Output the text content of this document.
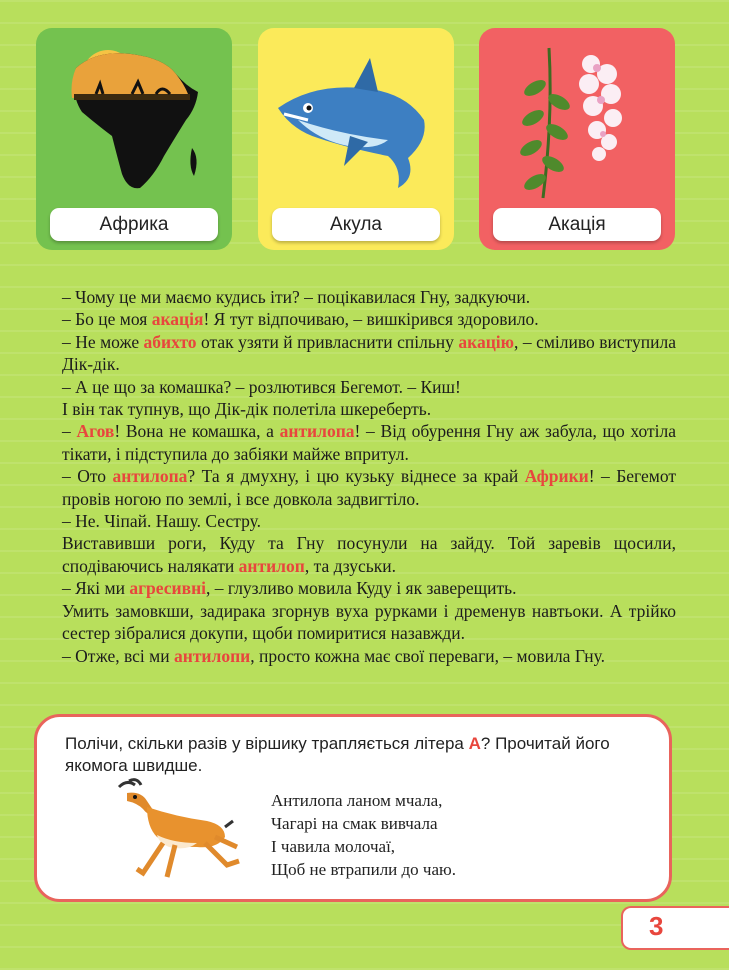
Африка	Акула	Акація

– Чому це ми маємо кудись іти? – поцікавилася Гну, задкуючи.

– Бо це моя акація! Я тут відпочиваю, – вишкірився здоровило.

– Не може абихто отак узяти й привласнити спільну акацію, – сміливо виступила Дік-дік.

– А це що за комашка? – розлютився Бегемот. – Киш!

І він так тупнув, що Дік-дік полетіла шкереберть.

– Агов! Вона не комашка, а антилопа! – Від обурення Гну аж забула, що хотіла тікати, і підступила до забіяки майже впритул.

– Ото антилопа? Та я дмухну, і цю кузьку віднесе за край Африки! – Бегемот провів ногою по землі, і все довкола задвигтіло.

– Не. Чіпай. Нашу. Сестру.

Виставивши роги, Куду та Гну посунули на зайду. Той заревів щосили, сподіваючись налякати антилоп, та дзуськи.

– Які ми агресивні, – глузливо мовила Куду і як заверещить.

Умить замовкши, задирака згорнув вуха рурками і дременув навтьоки. А трійко сестер зібралися докупи, щоби помиритися назавжди.

– Отже, всі ми антилопи, просто кожна має свої переваги, – мовила Гну.

Полічи, скільки разів у віршику трапляється літера А? Прочитай його якомога швидше.
Антилопа ланом мчала,
Чагарі на смак вивчала
І чавила молочаї,
Щоб не втрапили до чаю.
3
